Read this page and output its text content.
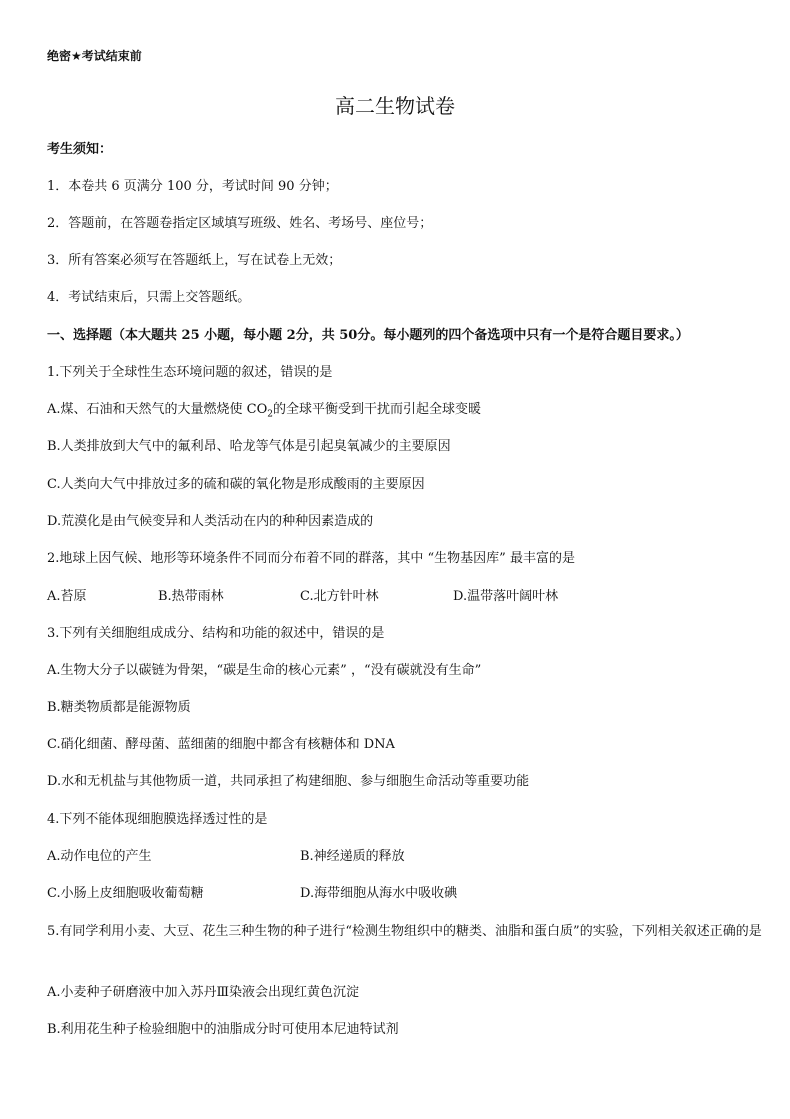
绝密★考试结束前
高二生物试卷
考生须知：
1．本卷共 6 页满分 100 分，考试时间 90 分钟；
2．答题前，在答题卷指定区域填写班级、姓名、考场号、座位号；
3．所有答案必须写在答题纸上，写在试卷上无效；
4．考试结束后，只需上交答题纸。
一、选择题（本大题共 25 小题，每小题 2分，共 50分。每小题列的四个备选项中只有一个是符合题目要求。）
1.下列关于全球性生态环境问题的叙述，错误的是
A.煤、石油和天然气的大量燃烧使 $CO_2$的全球平衡受到干扰而引起全球变暖
B.人类排放到大气中的氟利昂、哈龙等气体是引起臭氧减少的主要原因
C.人类向大气中排放过多的硫和碳的氧化物是形成酸雨的主要原因
D.荒漠化是由气候变异和人类活动在内的种种因素造成的
2.地球上因气候、地形等环境条件不同而分布着不同的群落，其中 “生物基因库” 最丰富的是
A.苔原	B.热带雨林	C.北方针叶林	D.温带落叶阔叶林
3.下列有关细胞组成成分、结构和功能的叙述中，错误的是
A.生物大分子以碳链为骨架，“碳是生命的核心元素” ，“没有碳就没有生命”
B.糖类物质都是能源物质
C.硝化细菌、酵母菌、蓝细菌的细胞中都含有核糖体和 DNA
D.水和无机盐与其他物质一道，共同承担了构建细胞、参与细胞生命活动等重要功能
4.下列不能体现细胞膜选择透过性的是
A.动作电位的产生	B.神经递质的释放
C.小肠上皮细胞吸收葡萄糖	D.海带细胞从海水中吸收碘
5.有同学利用小麦、大豆、花生三种生物的种子进行“检测生物组织中的糖类、油脂和蛋白质”的实验，下列相关叙述正确的是
A.小麦种子研磨液中加入苏丹Ⅲ染液会出现红黄色沉淀
B.利用花生种子检验细胞中的油脂成分时可使用本尼迪特试剂
